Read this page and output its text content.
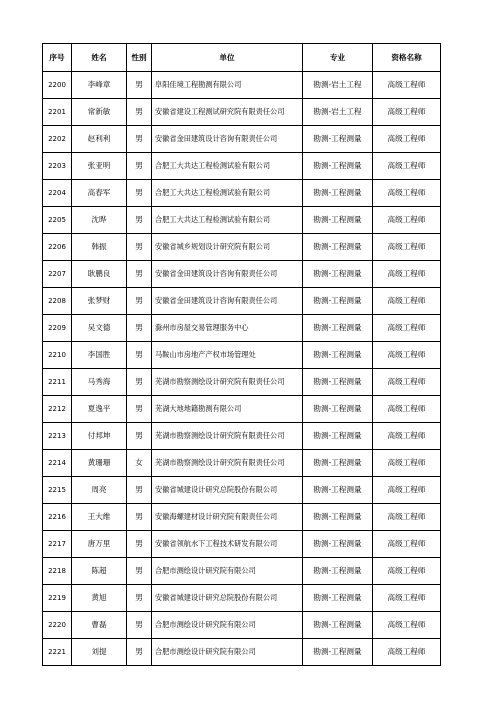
序号	姓名	性别	单位	专业	资格名称
2200	李峰章	男	阜阳佳境工程勘测有限公司	勘测-岩土工程	高级工程师
2201	常新敏	男	安徽省建设工程测试研究院有限责任公司	勘测-岩土工程	高级工程师
2202	赵利利	男	安徽省金田建筑设计咨询有限责任公司	勘测-工程测量	高级工程师
2203	张亚明	男	合肥工大共达工程检测试验有限公司	勘测-工程测量	高级工程师
2204	高春军	男	合肥工大共达工程检测试验有限公司	勘测-工程测量	高级工程师
2205	沈晔	男	合肥工大共达工程检测试验有限公司	勘测-工程测量	高级工程师
2206	韩振	男	安徽省城乡规划设计研究院有限公司	勘测-工程测量	高级工程师
2207	耿鹏良	男	安徽省金田建筑设计咨询有限责任公司	勘测-工程测量	高级工程师
2208	张梦财	男	安徽省金田建筑设计咨询有限责任公司	勘测-工程测量	高级工程师
2209	吴文德	男	滁州市房屋交易管理服务中心	勘测-工程测量	高级工程师
2210	李国胜	男	马鞍山市房地产产权市场管理处	勘测-工程测量	高级工程师
2211	马秀海	男	芜湖市勘察测绘设计研究院有限责任公司	勘测-工程测量	高级工程师
2212	夏逸平	男	芜湖大地地籍勘测有限公司	勘测-工程测量	高级工程师
2213	付邦坤	男	芜湖市勘察测绘设计研究院有限责任公司	勘测-工程测量	高级工程师
2214	黄珊珊	女	芜湖市勘察测绘设计研究院有限责任公司	勘测-工程测量	高级工程师
2215	周亮	男	安徽省城建设计研究总院股份有限公司	勘测-工程测量	高级工程师
2216	王大维	男	安徽海螺建材设计研究院有限责任公司	勘测-工程测量	高级工程师
2217	唐万里	男	安徽省领航水下工程技术研发有限公司	勘测-工程测量	高级工程师
2218	陈超	男	合肥市测绘设计研究院有限公司	勘测-工程测量	高级工程师
2219	黄旭	男	安徽省城建设计研究总院股份有限公司	勘测-工程测量	高级工程师
2220	曹磊	男	合肥市测绘设计研究院有限公司	勘测-工程测量	高级工程师
2221	刘提	男	合肥市测绘设计研究院有限公司	勘测-工程测量	高级工程师
